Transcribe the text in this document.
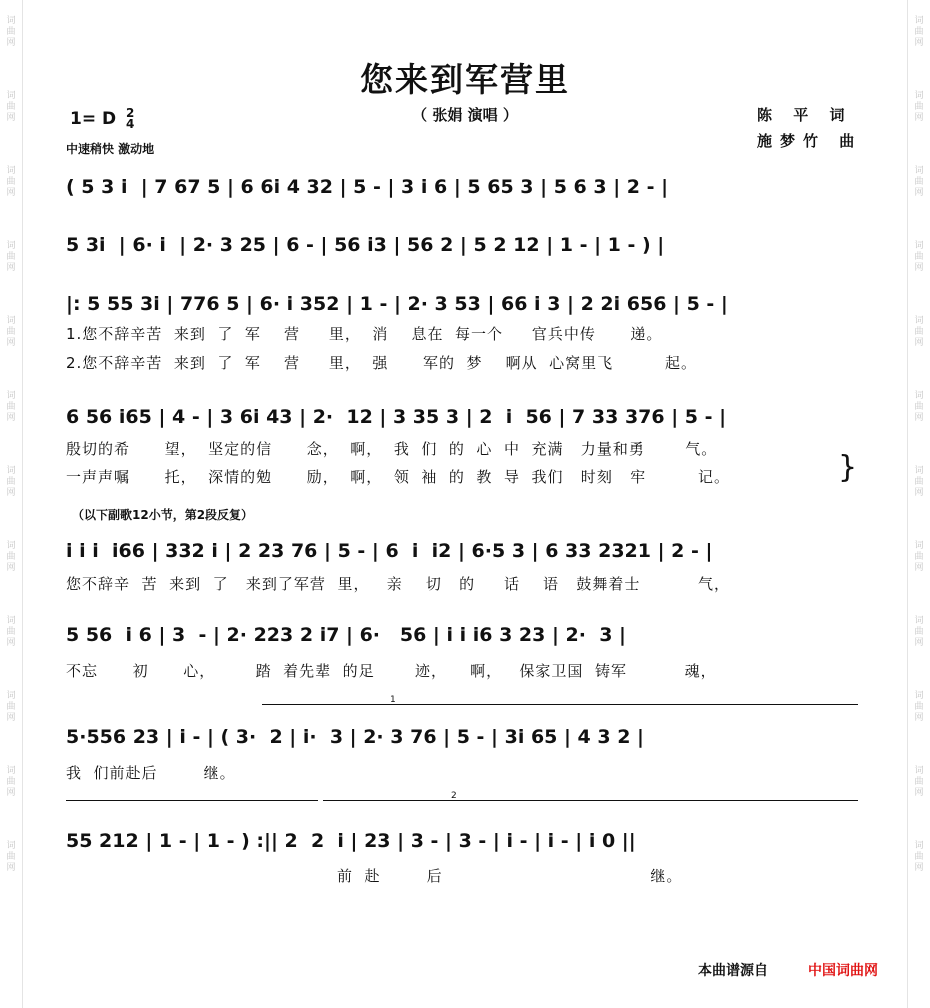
词
曲
网
词
曲
网
词
曲
网
词
曲
网
词
曲
网
词
曲
网
词
曲
网
词
曲
网
词
曲
网
词
曲
网
词
曲
网
词
曲
网
词
曲
网
词
曲
网
词
曲
网
词
曲
网
词
曲
网
词
曲
网
词
曲
网
词
曲
网
词
曲
网
词
曲
网
词
曲
网
词
曲
网
您来到军营里
（ 张娟 演唱 ）
1= D 2
4
中速稍快 激动地
陈 平 词
施梦竹 曲
( 5 3 i  | 7 67 5 | 6 6i 4 32 | 5 - | 3 i 6 | 5 65 3 | 5 6 3 | 2 - |
5 3i  | 6· i  | 2· 3 25 | 6 - | 56 i3 | 56 2 | 5 2 12 | 1 - | 1 - ) |
|: 5 55 3i | 776 5 | 6· i 352 | 1 - | 2· 3 53 | 66 i 3 | 2 2i 656 | 5 - |
1.您不辞辛苦  来到  了  军    营     里，  消    息在  每一个     官兵中传      递。
2.您不辞辛苦  来到  了  军    营     里，  强      军的  梦    啊从  心窝里飞         起。
6 56 i65 | 4 - | 3 6i 43 | 2·  12 | 3 35 3 | 2  i  56 | 7 33 376 | 5 - |
殷切的希      望，  坚定的信      念，  啊，  我  们  的  心  中  充满   力量和勇       气。
一声声嘱      托，  深情的勉      励，  啊，  领  袖  的  教  导  我们   时刻   牢         记。	}
（以下副歌12小节，第2段反复）
i i i  i66 | 332 i | 2 23 76 | 5 - | 6  i  i2 | 6·5 3 | 6 33 2321 | 2 - |
您不辞辛  苦  来到  了   来到了军营  里，   亲    切   的     话    语   鼓舞着士          气，
5 56  i 6 | 3  - | 2· 223 2 i7 | 6·   56 | i i i6 3 23 | 2·  3 |
不忘      初      心，       踏  着先辈  的足       迹，    啊，   保家卫国  铸军          魂，
1
5·556 23 | i - | ( 3·  2 | i·  3 | 2· 3 76 | 5 - | 3i 65 | 4 3 2 |
我  们前赴后        继。
2
55 212 | 1 - | 1 - ) :|| 2  2  i | 23 | 3 - | 3 - | i - | i - | i 0 ||
前  赴        后                                    继。
本曲谱源自	中国词曲网
